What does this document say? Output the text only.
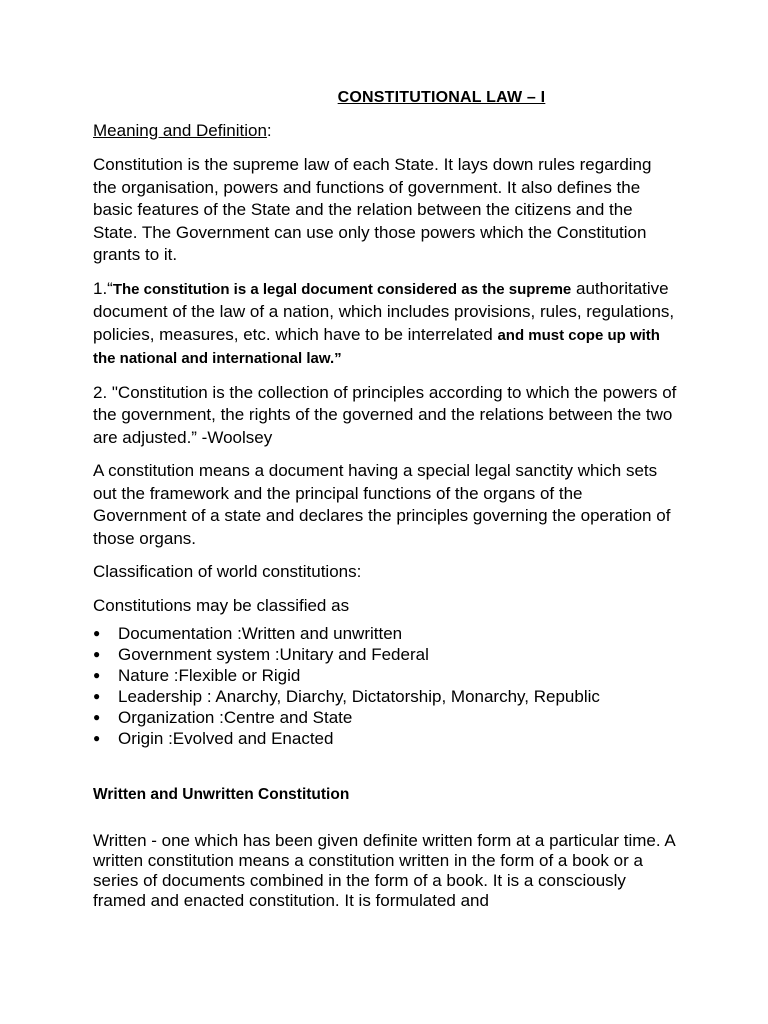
CONSTITUTIONAL LAW – I
Meaning and Definition:

Constitution is the supreme law of each State. It lays down rules regarding the organisation, powers and functions of government. It also defines the basic features of the State and the relation between the citizens and the State. The Government can use only those powers which the Constitution grants to it.

1.“The constitution is a legal document considered as the supreme authoritative document of the law of a nation, which includes provisions, rules, regulations, policies, measures, etc. which have to be interrelated and must cope up with the national and international law.”

2. "Constitution is the collection of principles according to which the powers of the government, the rights of the governed and the relations between the two are adjusted.” -Woolsey

A constitution means a document having a special legal sanctity which sets out the framework and the principal functions of the organs of the Government of a state and declares the principles governing the operation of those organs.

Classification of world constitutions:

Constitutions may be classified as

● Documentation :Written and unwritten
● Government system :Unitary and Federal
● Nature :Flexible or Rigid
● Leadership : Anarchy, Diarchy, Dictatorship, Monarchy, Republic
● Organization :Centre and State
● Origin :Evolved and Enacted
Written and Unwritten Constitution

Written - one which has been given definite written form at a particular time. A written constitution means a constitution written in the form of a book or a series of documents combined in the form of a book. It is a consciously framed and enacted constitution. It is formulated and
